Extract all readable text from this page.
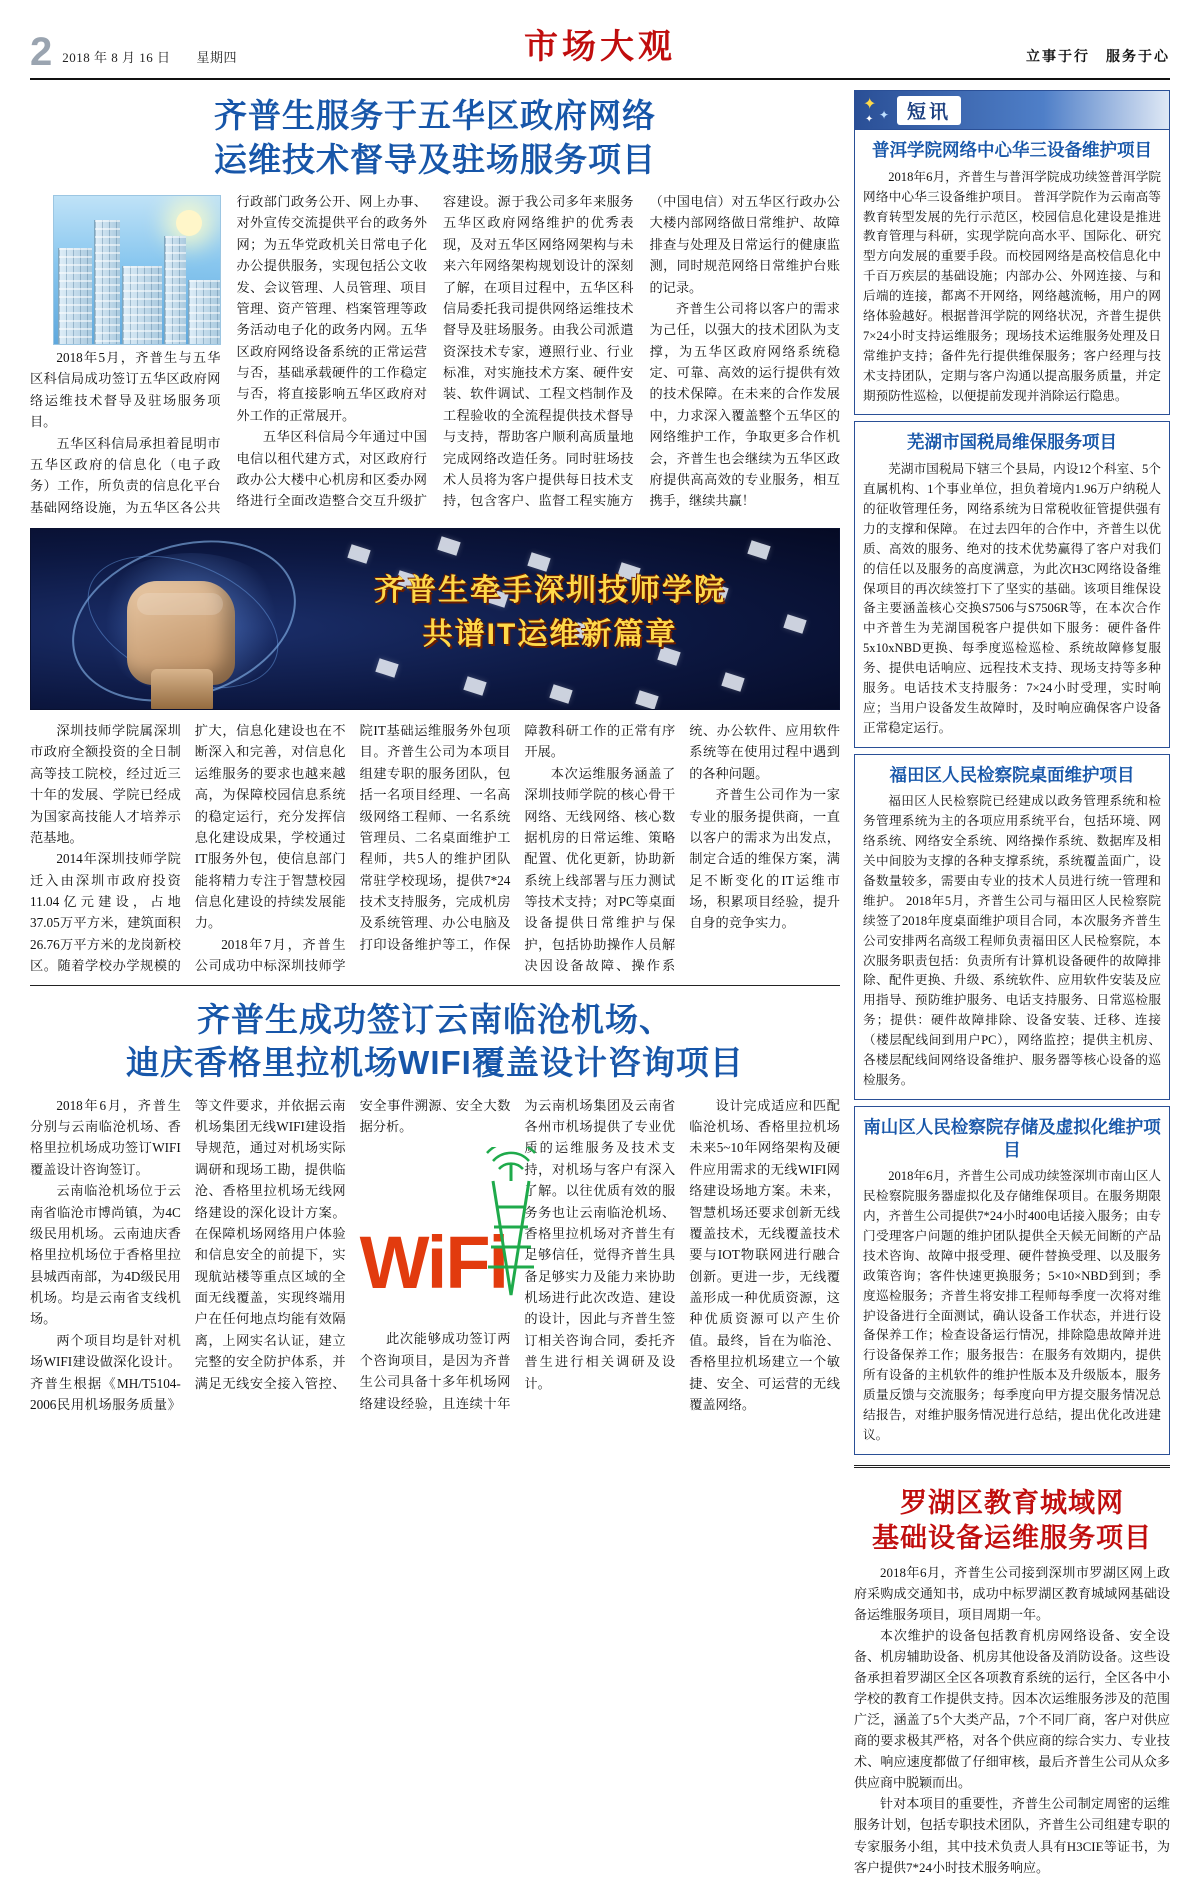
2 2018 年 8 月 16 日 星期四	市场大观	立事于行　服务于心
齐普生服务于五华区政府网络
运维技术督导及驻场服务项目

2018年5月，齐普生与五华区科信局成功签订五华区政府网络运维技术督导及驻场服务项目。

五华区科信局承担着昆明市五华区政府的信息化（电子政务）工作，所负责的信息化平台基础网络设施，为五华区各公共行政部门政务公开、网上办事、对外宣传交流提供平台的政务外网；为五华党政机关日常电子化办公提供服务，实现包括公文收发、会议管理、人员管理、项目管理、资产管理、档案管理等政务活动电子化的政务内网。五华区政府网络设备系统的正常运营与否，基础承载硬件的工作稳定与否，将直接影响五华区政府对外工作的正常展开。

五华区科信局今年通过中国电信以租代建方式，对区政府行政办公大楼中心机房和区委办网络进行全面改造整合交互升级扩容建设。源于我公司多年来服务五华区政府网络维护的优秀表现，及对五华区网络网架构与未来六年网络架构规划设计的深刻了解，在项目过程中，五华区科信局委托我司提供网络运维技术督导及驻场服务。由我公司派遣资深技术专家，遵照行业、行业标准，对实施技术方案、硬件安装、软件调试、工程文档制作及工程验收的全流程提供技术督导与支持，帮助客户顺利高质量地完成网络改造任务。同时驻场技术人员将为客户提供每日技术支持，包含客户、监督工程实施方（中国电信）对五华区行政办公大楼内部网络做日常维护、故障排查与处理及日常运行的健康监测，同时规范网络日常维护台账的记录。

齐普生公司将以客户的需求为己任，以强大的技术团队为支撑，为五华区政府网络系统稳定、可靠、高效的运行提供有效的技术保障。在未来的合作发展中，力求深入覆盖整个五华区的网络维护工作，争取更多合作机会，齐普生也会继续为五华区政府提供高高效的专业服务，相互携手，继续共赢！

齐普生牵手深圳技师学院
共谱IT运维新篇章

深圳技师学院属深圳市政府全额投资的全日制高等技工院校，经过近三十年的发展、学院已经成为国家高技能人才培养示范基地。

2014年深圳技师学院迁入由深圳市政府投资11.04亿元建设，占地37.05万平方米，建筑面积26.76万平方米的龙岗新校区。随着学校办学规模的扩大，信息化建设也在不断深入和完善，对信息化运维服务的要求也越来越高，为保障校园信息系统的稳定运行，充分发挥信息化建设成果，学校通过IT服务外包，使信息部门能将精力专注于智慧校园信息化建设的持续发展能力。

2018年7月，齐普生公司成功中标深圳技师学院IT基础运维服务外包项目。齐普生公司为本项目组建专职的服务团队，包括一名项目经理、一名高级网络工程师、一名系统管理员、二名桌面维护工程师，共5人的维护团队常驻学校现场，提供7*24技术支持服务，完成机房及系统管理、办公电脑及打印设备维护等工，作保障教科研工作的正常有序开展。

本次运维服务涵盖了深圳技师学院的核心骨干网络、无线网络、核心数据机房的日常运维、策略配置、优化更新，协助新系统上线部署与压力测试等技术支持；对PC等桌面设备提供日常维护与保护，包括协助操作人员解决因设备故障、操作系统、办公软件、应用软件系统等在使用过程中遇到的各种问题。

齐普生公司作为一家专业的服务提供商，一直以客户的需求为出发点，制定合适的维保方案，满足不断变化的IT运维市场，积累项目经验，提升自身的竞争实力。

齐普生成功签订云南临沧机场、
迪庆香格里拉机场WIFI覆盖设计咨询项目

2018年6月，齐普生分别与云南临沧机场、香格里拉机场成功签订WIFI覆盖设计咨询签订。

云南临沧机场位于云南省临沧市博尚镇，为4C级民用机场。云南迪庆香格里拉机场位于香格里拉县城西南部，为4D级民用机场。均是云南省支线机场。

两个项目均是针对机场WIFI建设做深化设计。齐普生根据《MH/T5104-2006民用机场服务质量》等文件要求，并依据云南机场集团无线WIFI建设指导规范，通过对机场实际调研和现场工勘，提供临沧、香格里拉机场无线网络建设的深化设计方案。在保障机场网络用户体验和信息安全的前提下，实现航站楼等重点区域的全面无线覆盖，实现终端用户在任何地点均能有效隔离，上网实名认证，建立完整的安全防护体系，并满足无线安全接入管控、安全事件溯源、安全大数据分析。

WiFi

此次能够成功签订两个咨询项目，是因为齐普生公司具备十多年机场网络建设经验，且连续十年为云南机场集团及云南省各州市机场提供了专业优质的运维服务及技术支持，对机场与客户有深入了解。以往优质有效的服务务也让云南临沧机场、香格里拉机场对齐普生有足够信任，觉得齐普生具备足够实力及能力来协助机场进行此次改造、建设的设计，因此与齐普生签订相关咨询合同，委托齐普生进行相关调研及设计。

设计完成适应和匹配临沧机场、香格里拉机场未来5~10年网络架构及硬件应用需求的无线WIFI网络建设场地方案。未来，智慧机场还要求创新无线覆盖技术，无线覆盖技术要与IOT物联网进行融合创新。更进一步，无线覆盖形成一种优质资源，这种优质资源可以产生价值。最终，旨在为临沧、香格里拉机场建立一个敏捷、安全、可运营的无线覆盖网络。

✦
✦
✦	短讯
普洱学院网络中心华三设备维护项目

2018年6月，齐普生与普洱学院成功续签普洱学院网络中心华三设备维护项目。 普洱学院作为云南高等教育转型发展的先行示范区，校园信息化建设是推进教育管理与科研，实现学院向高水平、国际化、研究型方向发展的重要手段。而校园网络是高校信息化中千百万疾层的基础设施；内部办公、外网连接、与和后端的连接，都离不开网络，网络越流畅，用户的网络体验越好。根据普洱学院的网络状况，齐普生提供7×24小时支持运维服务；现场技术运维服务处理及日常维护支持；备件先行提供维保服务；客户经理与技术支持团队，定期与客户沟通以提高服务质量，并定期预防性巡检，以便提前发现并消除运行隐患。

芜湖市国税局维保服务项目

芜湖市国税局下辖三个县局，内设12个科室、5个直属机构、1个事业单位，担负着境内1.96万户纳税人的征收管理任务，网络系统为日常税收征管提供强有力的支撑和保障。 在过去四年的合作中，齐普生以优质、高效的服务、绝对的技术优势赢得了客户对我们的信任以及服务的高度满意，为此次H3C网络设备维保项目的再次续签打下了坚实的基础。该项目维保设备主要涵盖核心交换S7506与S7506R等，在本次合作中齐普生为芜湖国税客户提供如下服务：硬件备件5x10xNBD更换、每季度巡检巡检、系统故障修复服务、提供电话响应、远程技术支持、现场支持等多种服务。电话技术支持服务：7×24小时受理，实时响应；当用户设备发生故障时，及时响应确保客户设备正常稳定运行。

福田区人民检察院桌面维护项目

福田区人民检察院已经建成以政务管理系统和检务管理系统为主的各项应用系统平台，包括环境、网络系统、网络安全系统、网络操作系统、数据库及相关中间胶为支撑的各种支撑系统，系统覆盖面广，设备数量较多，需要由专业的技术人员进行统一管理和维护。 2018年5月，齐普生公司与福田区人民检察院续签了2018年度桌面维护项目合同，本次服务齐普生公司安排两名高级工程师负责福田区人民检察院，本次服务职责包括：负责所有计算机设备硬件的故障排除、配件更换、升级、系统软件、应用软件安装及应用指导、预防维护服务、电话支持服务、日常巡检服务；提供：硬件故障排除、设备安装、迁移、连接（楼层配线间到用户PC），网络监控；提供主机房、各楼层配线间网络设备维护、服务器等核心设备的巡检服务。

南山区人民检察院存储及虚拟化维护项目

2018年6月，齐普生公司成功续签深圳市南山区人民检察院服务器虚拟化及存储维保项目。在服务期限内，齐普生公司提供7*24小时400电话接入服务；由专门受理客户问题的维护团队提供全天候无间断的产品技术咨询、故障中报受理、硬件替换受理、以及服务政策咨询；客件快速更换服务；5×10×NBD到到；季度巡检服务；齐普生将安排工程师每季度一次将对维护设备进行全面测试，确认设备工作状态，并进行设备保养工作；检查设备运行情况，排除隐患故障并进行设备保养工作；服务报告：在服务有效期内，提供所有设备的主机软件的维护性版本及升级版本，服务质量反馈与交流服务；每季度向甲方提交服务情况总结报告，对维护服务情况进行总结，提出优化改进建议。

罗湖区教育城域网
基础设备运维服务项目

2018年6月，齐普生公司接到深圳市罗湖区网上政府采购成交通知书，成功中标罗湖区教育城域网基础设备运维服务项目，项目周期一年。

本次维护的设备包括教育机房网络设备、安全设备、机房辅助设备、机房其他设备及消防设备。这些设备承担着罗湖区全区各项教育系统的运行，全区各中小学校的教育工作提供支持。因本次运维服务涉及的范围广泛，涵盖了5个大类产品，7个不同厂商，客户对供应商的要求极其严格，对各个供应商的综合实力、专业技术、响应速度都做了仔细审核，最后齐普生公司从众多供应商中脱颖而出。

针对本项目的重要性，齐普生公司制定周密的运维服务计划，包括专职技术团队，齐普生公司组建专职的专家服务小组，其中技术负责人具有H3CIE等证书，为客户提供7*24小时技术服务响应。
